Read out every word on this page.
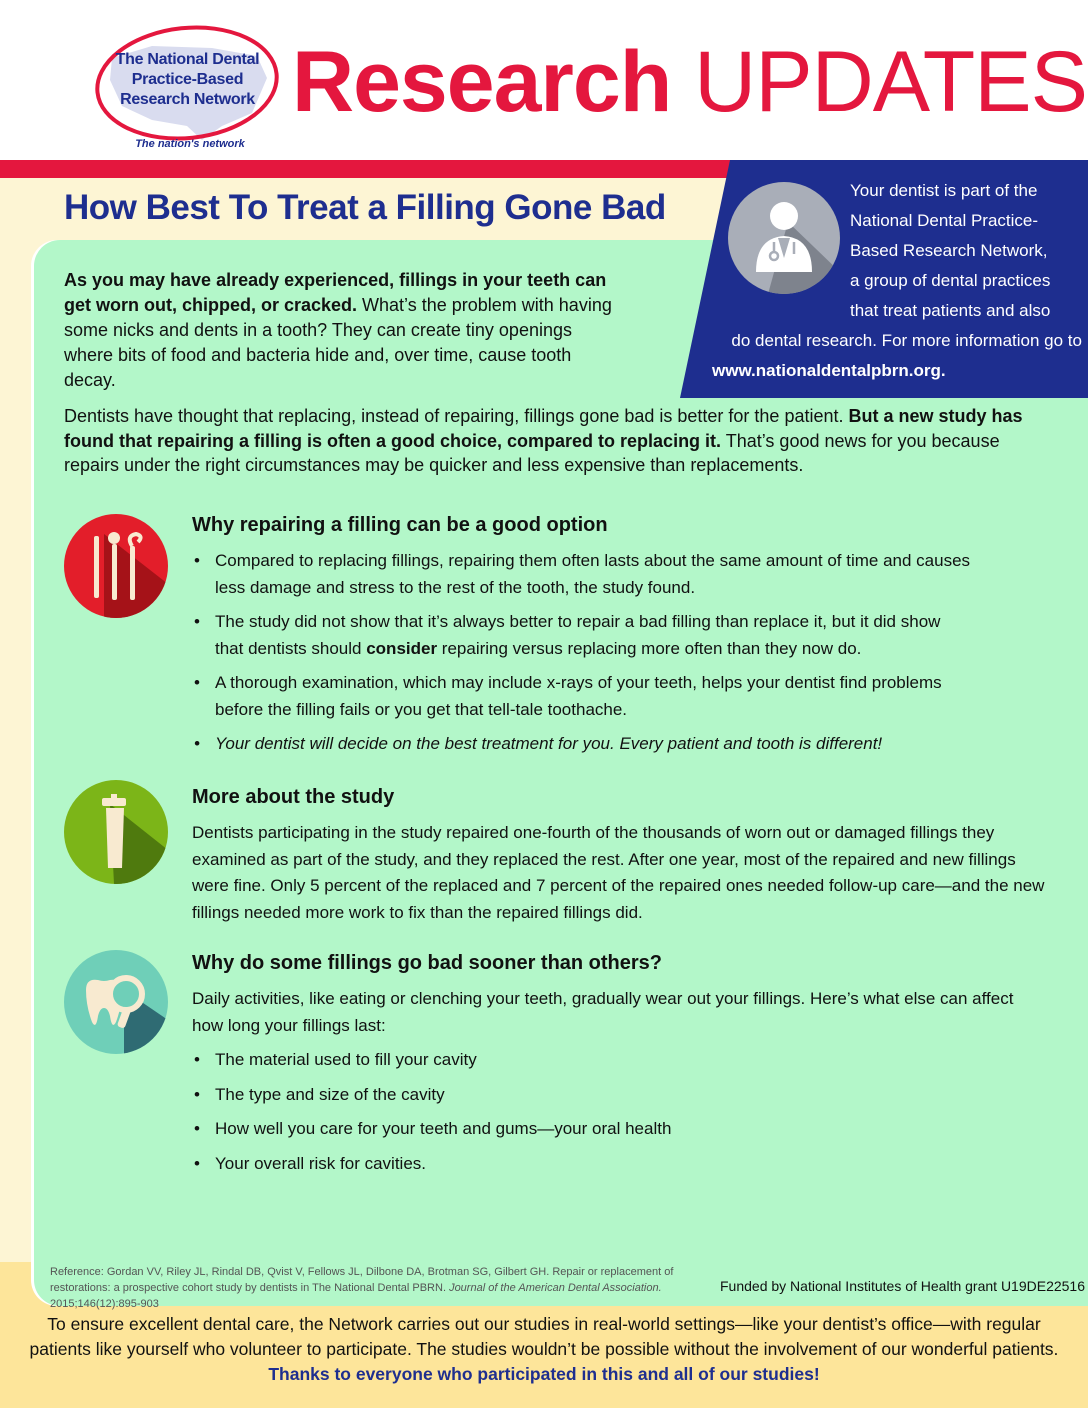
The National Dental
Practice-Based
Research Network
The nation's network
Research UPDATES
How Best To Treat a Filling Gone Bad	Your dentist is part of the
National Dental Practice-
Based Research Network,
a group of dental practices
that treat patients and also
do dental research. For more information go to
www.nationaldentalpbrn.org.
As you may have already experienced, fillings in your teeth can get worn out, chipped, or cracked. What’s the problem with having some nicks and dents in a tooth? They can create tiny openings where bits of food and bacteria hide and, over time, cause tooth decay.
Dentists have thought that replacing, instead of repairing, fillings gone bad is better for the patient. But a new study has found that repairing a filling is often a good choice, compared to replacing it. That’s good news for you because repairs under the right circumstances may be quicker and less expensive than replacements.
Why repairing a filling can be a good option
• Compared to replacing fillings, repairing them often lasts about the same amount of time and causes less damage and stress to the rest of the tooth, the study found.
• The study did not show that it’s always better to repair a bad filling than replace it, but it did show that dentists should consider repairing versus replacing more often than they now do.
• A thorough examination, which may include x-rays of your teeth, helps your dentist find problems before the filling fails or you get that tell-tale toothache.
• Your dentist will decide on the best treatment for you. Every patient and tooth is different!
More about the study
Dentists participating in the study repaired one-fourth of the thousands of worn out or damaged fillings they examined as part of the study, and they replaced the rest. After one year, most of the repaired and new fillings were fine. Only 5 percent of the replaced and 7 percent of the repaired ones needed follow-up care—and the new fillings needed more work to fix than the repaired fillings did.
Why do some fillings go bad sooner than others?
Daily activities, like eating or clenching your teeth, gradually wear out your fillings. Here’s what else can affect how long your fillings last:
• The material used to fill your cavity
• The type and size of the cavity
• How well you care for your teeth and gums—your oral health
• Your overall risk for cavities.
Reference: Gordan VV, Riley JL, Rindal DB, Qvist V, Fellows JL, Dilbone DA, Brotman SG, Gilbert GH. Repair or replacement of restorations: a prospective cohort study by dentists in The National Dental PBRN. Journal of the American Dental Association. 2015;146(12):895-903
Funded by National Institutes of Health grant U19DE22516
To ensure excellent dental care, the Network carries out our studies in real-world settings—like your dentist’s office—with regular patients like yourself who volunteer to participate. The studies wouldn’t be possible without the involvement of our wonderful patients.
Thanks to everyone who participated in this and all of our studies!
